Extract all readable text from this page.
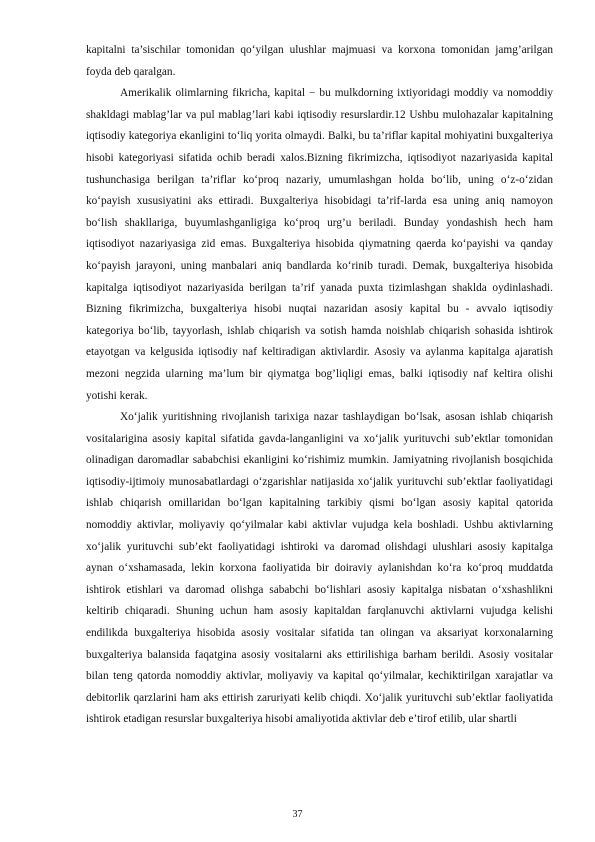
kapitalni ta’sischilar tomonidan qo‘yilgan ulushlar majmuasi va korxona tomonidan jamg’arilgan foyda deb qaralgan.

Amerikalik olimlarning fikricha, kapital − bu mulkdorning ixtiyoridagi moddiy va nomoddiy shakldagi mablag’lar va pul mablag’lari kabi iqtisodiy resurslardir.12 Ushbu mulohazalar kapitalning iqtisodiy kategoriya ekanligini to‘liq yorita olmaydi. Balki, bu ta’riflar kapital mohiyatini buxgalteriya hisobi kategoriyasi sifatida ochib beradi xalos.Bizning fikrimizcha, iqtisodiyot nazariyasida kapital tushunchasiga berilgan ta’riflar ko‘proq nazariy, umumlashgan holda bo‘lib, uning o‘z-o‘zidan ko‘payish xususiyatini aks ettiradi. Buxgalteriya hisobidagi ta’rif-larda esa uning aniq namoyon bo‘lish shakllariga, buyumlashganligiga ko‘proq urg’u beriladi. Bunday yondashish hech ham iqtisodiyot nazariyasiga zid emas. Buxgalteriya hisobida qiymatning qaerda ko‘payishi va qanday ko‘payish jarayoni, uning manbalari aniq bandlarda ko‘rinib turadi. Demak, buxgalteriya hisobida kapitalga iqtisodiyot nazariyasida berilgan ta’rif yanada puxta tizimlashgan shaklda oydinlashadi. Bizning fikrimizcha, buxgalteriya hisobi nuqtai nazaridan asosiy kapital bu - avvalo iqtisodiy kategoriya bo‘lib, tayyorlash, ishlab chiqarish va sotish hamda noishlab chiqarish sohasida ishtirok etayotgan va kelgusida iqtisodiy naf keltiradigan aktivlardir. Asosiy va aylanma kapitalga ajaratish mezoni negzida ularning ma’lum bir qiymatga bog’liqligi emas, balki iqtisodiy naf keltira olishi yotishi kerak.

Xo‘jalik yuritishning rivojlanish tarixiga nazar tashlaydigan bo‘lsak, asosan ishlab chiqarish vositalarigina asosiy kapital sifatida gavda-langanligini va xo‘jalik yurituvchi sub’ektlar tomonidan olinadigan daromadlar sababchisi ekanligini ko‘rishimiz mumkin. Jamiyatning rivojlanish bosqichida iqtisodiy-ijtimoiy munosabatlardagi o‘zgarishlar natijasida xo‘jalik yurituvchi sub’ektlar faoliyatidagi ishlab chiqarish omillaridan bo‘lgan kapitalning tarkibiy qismi bo‘lgan asosiy kapital qatorida nomoddiy aktivlar, moliyaviy qo‘yilmalar kabi aktivlar vujudga kela boshladi. Ushbu aktivlarning xo‘jalik yurituvchi sub’ekt faoliyatidagi ishtiroki va daromad olishdagi ulushlari asosiy kapitalga aynan o‘xshamasada, lekin korxona faoliyatida bir doiraviy aylanishdan ko‘ra ko‘proq muddatda ishtirok etishlari va daromad olishga sababchi bo‘lishlari asosiy kapitalga nisbatan o‘xshashlikni keltirib chiqaradi. Shuning uchun ham asosiy kapitaldan farqlanuvchi aktivlarni vujudga kelishi endilikda buxgalteriya hisobida asosiy vositalar sifatida tan olingan va aksariyat korxonalarning buxgalteriya balansida faqatgina asosiy vositalarni aks ettirilishiga barham berildi. Asosiy vositalar bilan teng qatorda nomoddiy aktivlar, moliyaviy va kapital qo‘yilmalar, kechiktirilgan xarajatlar va debitorlik qarzlarini ham aks ettirish zaruriyati kelib chiqdi. Xo‘jalik yurituvchi sub’ektlar faoliyatida ishtirok etadigan resurslar buxgalteriya hisobi amaliyotida aktivlar deb e’tirof etilib, ular shartli

37
